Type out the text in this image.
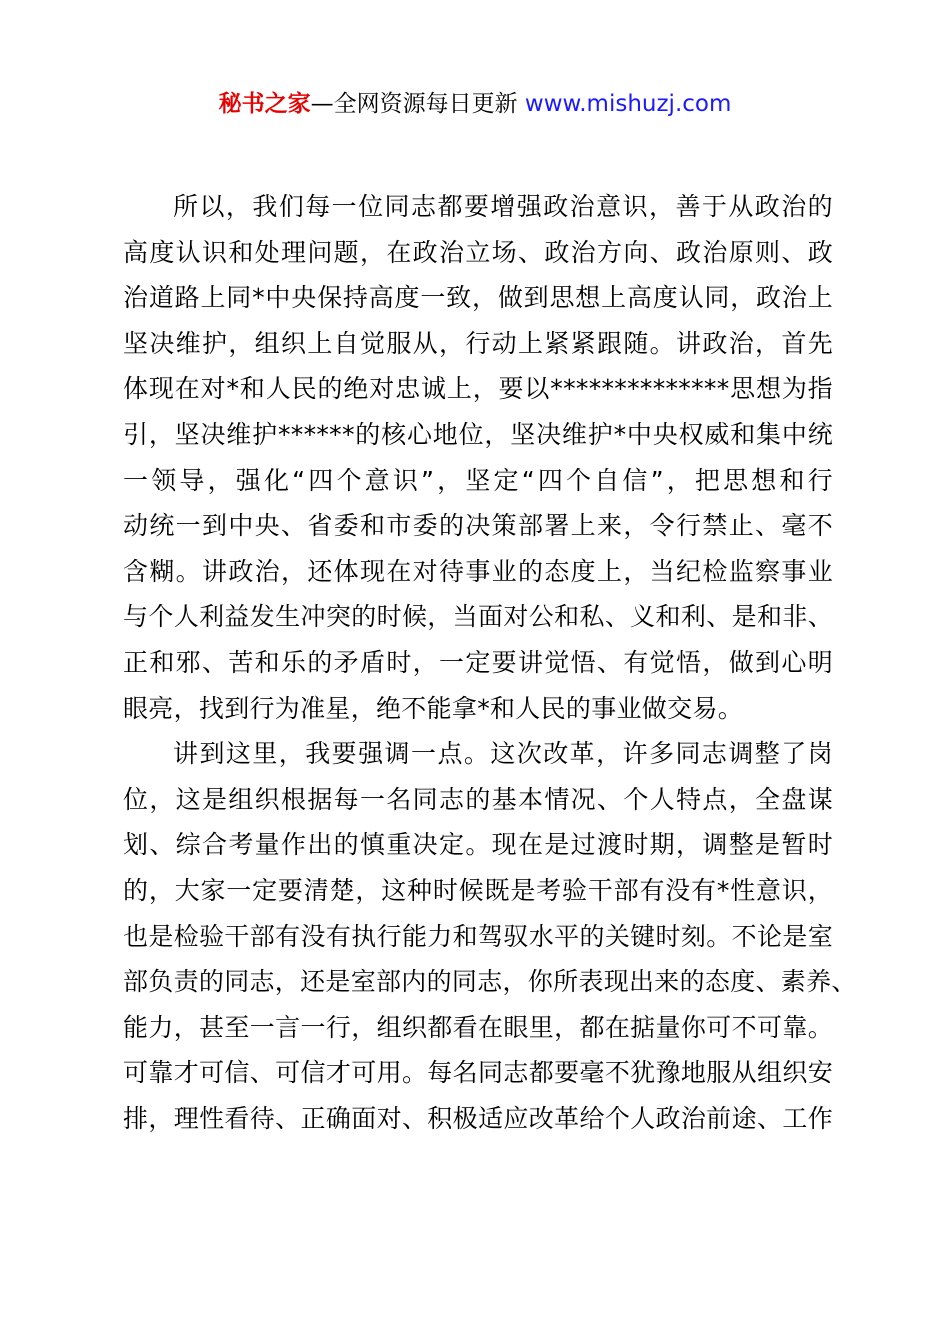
秘书之家—全网资源每日更新 www.mishuzj.com
所以，我们每一位同志都要增强政治意识，善于从政治的
高度认识和处理问题，在政治立场、政治方向、政治原则、政
治道路上同*中央保持高度一致，做到思想上高度认同，政治上
坚决维护，组织上自觉服从，行动上紧紧跟随。讲政治，首先
体现在对*和人民的绝对忠诚上，要以**************思想为指
引，坚决维护******的核心地位，坚决维护*中央权威和集中统
一领导，强化“四个意识”，坚定“四个自信”，把思想和行
动统一到中央、省委和市委的决策部署上来，令行禁止、毫不
含糊。讲政治，还体现在对待事业的态度上，当纪检监察事业
与个人利益发生冲突的时候，当面对公和私、义和利、是和非、
正和邪、苦和乐的矛盾时，一定要讲觉悟、有觉悟，做到心明
眼亮，找到行为准星，绝不能拿*和人民的事业做交易。
讲到这里，我要强调一点。这次改革，许多同志调整了岗
位，这是组织根据每一名同志的基本情况、个人特点，全盘谋
划、综合考量作出的慎重决定。现在是过渡时期，调整是暂时
的，大家一定要清楚，这种时候既是考验干部有没有*性意识，
也是检验干部有没有执行能力和驾驭水平的关键时刻。不论是室
部负责的同志，还是室部内的同志，你所表现出来的态度、素养、
能力，甚至一言一行，组织都看在眼里，都在掂量你可不可靠。
可靠才可信、可信才可用。每名同志都要毫不犹豫地服从组织安
排，理性看待、正确面对、积极适应改革给个人政治前途、工作
